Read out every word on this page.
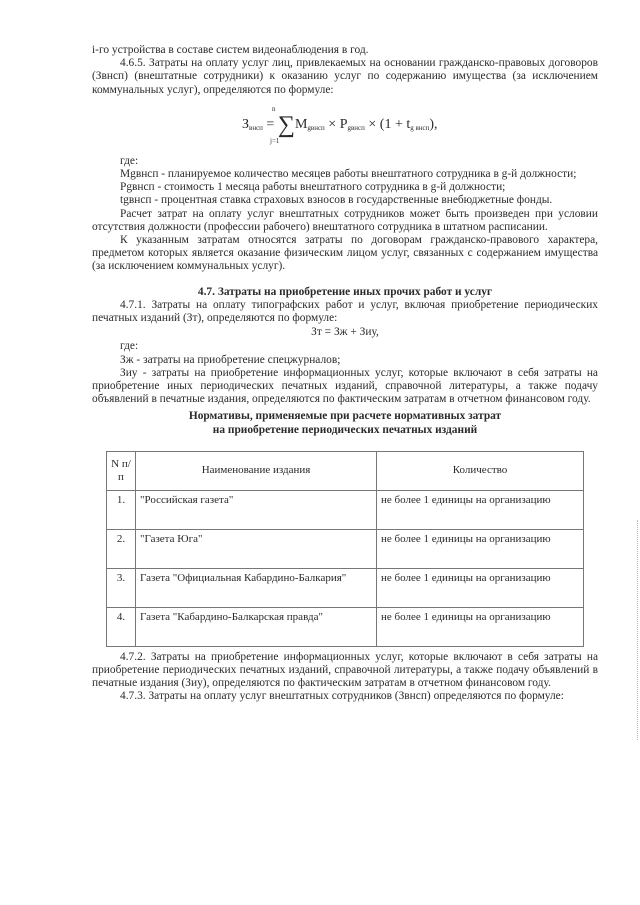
i-го устройства в составе систем видеонаблюдения в год.

4.6.5. Затраты на оплату услуг лиц, привлекаемых на основании гражданско-правовых договоров (Звнсп) (внештатные сотрудники) к оказанию услуг по содержанию имущества (за исключением коммунальных услуг), определяются по формуле:

n
j=1
$З_{внсп} = \sum M_{gвнсп} \times P_{gвнсп} \times (1 + t_{g внсп})$,

где:

Mgвнсп - планируемое количество месяцев работы внештатного сотрудника в g-й должности;

Pgвнсп - стоимость 1 месяца работы внештатного сотрудника в g-й должности;

tgвнсп - процентная ставка страховых взносов в государственные внебюджетные фонды.

Расчет затрат на оплату услуг внештатных сотрудников может быть произведен при условии отсутствия должности (профессии рабочего) внештатного сотрудника в штатном расписании.

К указанным затратам относятся затраты по договорам гражданско-правового характера, предметом которых является оказание физическим лицом услуг, связанных с содержанием имущества (за исключением коммунальных услуг).

4.7. Затраты на приобретение иных прочих работ и услуг

4.7.1. Затраты на оплату типографских работ и услуг, включая приобретение периодических печатных изданий (Зт), определяются по формуле:

Зт = Зж + Зиу,

где:

Зж - затраты на приобретение спецжурналов;

Зиу - затраты на приобретение информационных услуг, которые включают в себя затраты на приобретение иных периодических печатных изданий, справочной литературы, а также подачу объявлений в печатные издания, определяются по фактическим затратам в отчетном финансовом году.

Нормативы, применяемые при расчете нормативных затрат

на приобретение периодических печатных изданий

N п/п	Наименование издания	Количество
1.	"Российская газета"	не более 1 единицы на организацию
2.	"Газета Юга"	не более 1 единицы на организацию
3.	Газета "Официальная Кабардино-Балкария"	не более 1 единицы на организацию
4.	Газета "Кабардино-Балкарская правда"	не более 1 единицы на организацию

4.7.2. Затраты на приобретение информационных услуг, которые включают в себя затраты на приобретение периодических печатных изданий, справочной литературы, а также подачу объявлений в печатные издания (Зиу), определяются по фактическим затратам в отчетном финансовом году.

4.7.3. Затраты на оплату услуг внештатных сотрудников (Звнсп) определяются по формуле:
